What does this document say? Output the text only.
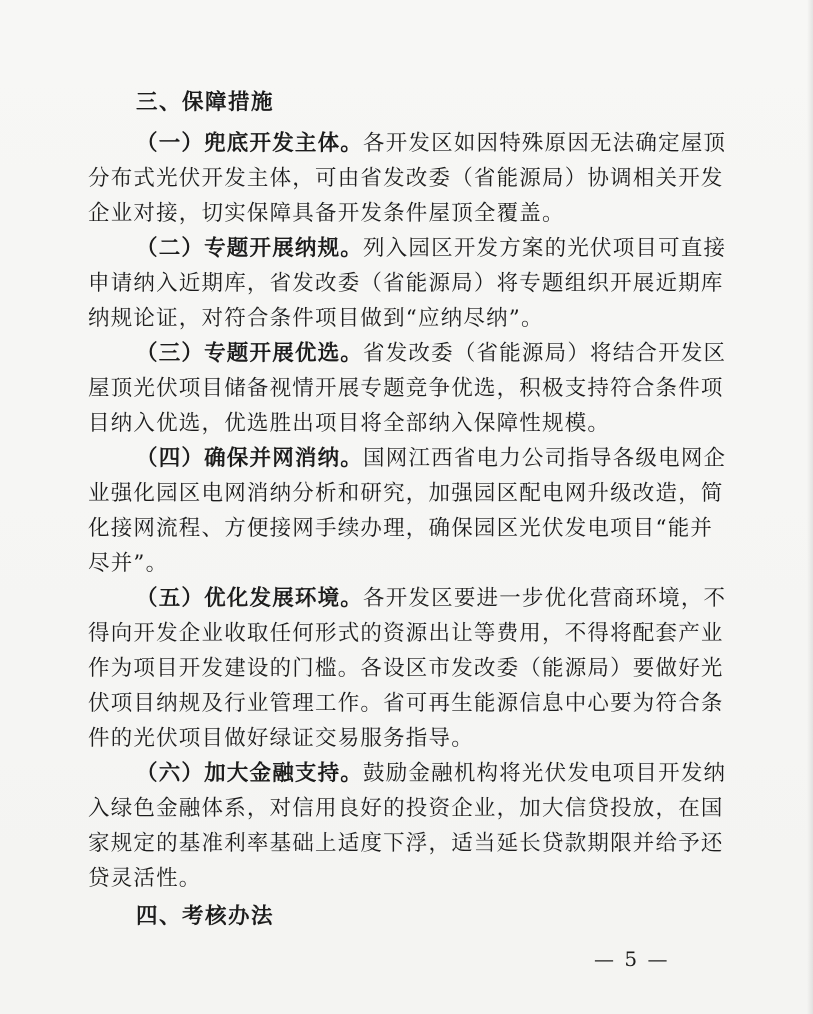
三、保障措施
（一）兜底开发主体。各开发区如因特殊原因无法确定屋顶
分布式光伏开发主体，可由省发改委（省能源局）协调相关开发
企业对接，切实保障具备开发条件屋顶全覆盖。
（二）专题开展纳规。列入园区开发方案的光伏项目可直接
申请纳入近期库，省发改委（省能源局）将专题组织开展近期库
纳规论证，对符合条件项目做到“应纳尽纳”。
（三）专题开展优选。省发改委（省能源局）将结合开发区
屋顶光伏项目储备视情开展专题竞争优选，积极支持符合条件项
目纳入优选，优选胜出项目将全部纳入保障性规模。
（四）确保并网消纳。国网江西省电力公司指导各级电网企
业强化园区电网消纳分析和研究，加强园区配电网升级改造，简
化接网流程、方便接网手续办理，确保园区光伏发电项目“能并
尽并”。
（五）优化发展环境。各开发区要进一步优化营商环境，不
得向开发企业收取任何形式的资源出让等费用，不得将配套产业
作为项目开发建设的门槛。各设区市发改委（能源局）要做好光
伏项目纳规及行业管理工作。省可再生能源信息中心要为符合条
件的光伏项目做好绿证交易服务指导。
（六）加大金融支持。鼓励金融机构将光伏发电项目开发纳
入绿色金融体系，对信用良好的投资企业，加大信贷投放，在国
家规定的基准利率基础上适度下浮，适当延长贷款期限并给予还
贷灵活性。
四、考核办法
— 5 —
